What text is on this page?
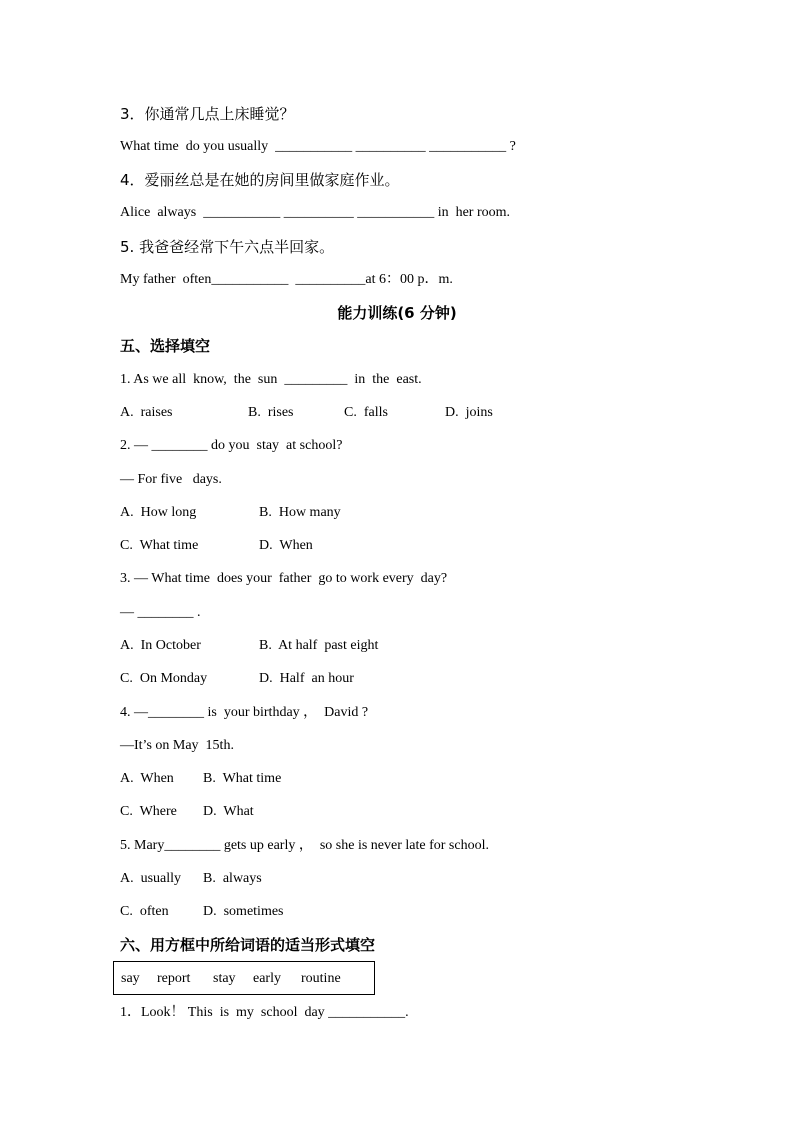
3．你通常几点上床睡觉？
What time  do you usually  ___________ __________ ___________ ?
4．爱丽丝总是在她的房间里做家庭作业。
Alice  always  ___________ __________ ___________ in  her room.
5. 我爸爸经常下午六点半回家。
My father  often___________  __________at 6：00 p．m.
能力训练(6 分钟)
五、选择填空
1. As we all  know,  the  sun  _________  in  the  east.
A.  raises	B.  rises	C.  falls	D.  joins
2. — ________ do you  stay  at school?
— For five   days.
A.  How long	B.  How many
C.  What time	D.  When
3. — What time  does your  father  go to work every  day?
— ________ .
A.  In October	B.  At half  past eight
C.  On Monday	D.  Half  an hour
4. —________ is  your birthday ，  David ?
—It’s on May  15th.
A.  When B.  What time
C.  Where D.  What
5. Mary________ gets up early ，  so she is never late for school.
A.  usually B.  always
C.  often D.  sometimes
六、用方框中所给词语的适当形式填空
say report stay early routine
1．Look！ This  is  my  school  day ___________.
